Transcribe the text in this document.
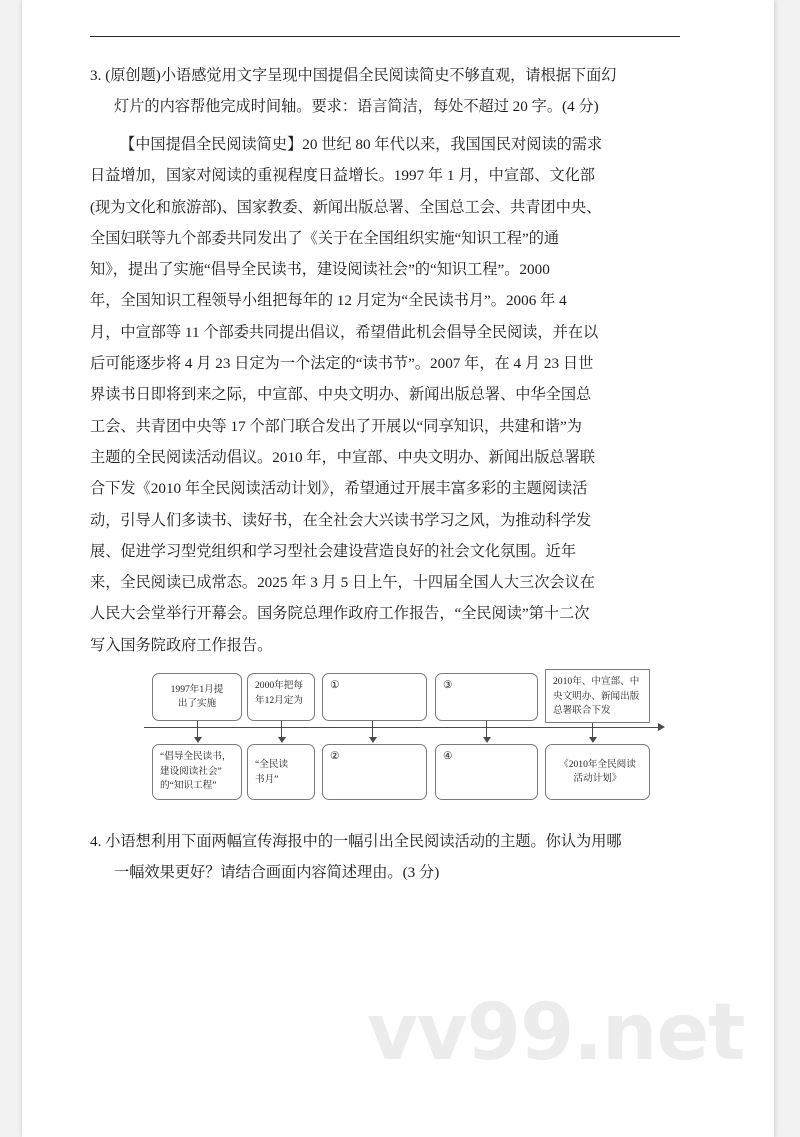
vv99.net
3. (原创题)小语感觉用文字呈现中国提倡全民阅读简史不够直观，请根据下面幻
灯片的内容帮他完成时间轴。要求：语言简洁，每处不超过 20 字。(4 分)
【中国提倡全民阅读简史】20 世纪 80 年代以来，我国国民对阅读的需求
日益增加，国家对阅读的重视程度日益增长。1997 年 1 月，中宣部、文化部
(现为文化和旅游部)、国家教委、新闻出版总署、全国总工会、共青团中央、
全国妇联等九个部委共同发出了《关于在全国组织实施“知识工程”的通
知》，提出了实施“倡导全民读书，建设阅读社会”的“知识工程”。2000
年，全国知识工程领导小组把每年的 12 月定为“全民读书月”。2006 年 4
月，中宣部等 11 个部委共同提出倡议，希望借此机会倡导全民阅读，并在以
后可能逐步将 4 月 23 日定为一个法定的“读书节”。2007 年，在 4 月 23 日世
界读书日即将到来之际，中宣部、中央文明办、新闻出版总署、中华全国总
工会、共青团中央等 17 个部门联合发出了开展以“同享知识，共建和谐”为
主题的全民阅读活动倡议。2010 年，中宣部、中央文明办、新闻出版总署联
合下发《2010 年全民阅读活动计划》，希望通过开展丰富多彩的主题阅读活
动，引导人们多读书、读好书，在全社会大兴读书学习之风，为推动科学发
展、促进学习型党组织和学习型社会建设营造良好的社会文化氛围。近年
来，全民阅读已成常态。2025 年 3 月 5 日上午，十四届全国人大三次会议在
人民大会堂举行开幕会。国务院总理作政府工作报告，“全民阅读”第十二次
写入国务院政府工作报告。
1997年1月提
出了实施
2000年把每
年12月定为
①	③	2010年、中宣部、中
央文明办、新闻出版
总署联合下发
“倡导全民读书，
建设阅读社会”
的“知识工程”
“全民读
书月”
②	④
《2010年全民阅读
活动计划》
4. 小语想利用下面两幅宣传海报中的一幅引出全民阅读活动的主题。你认为用哪
一幅效果更好？请结合画面内容简述理由。(3 分)
